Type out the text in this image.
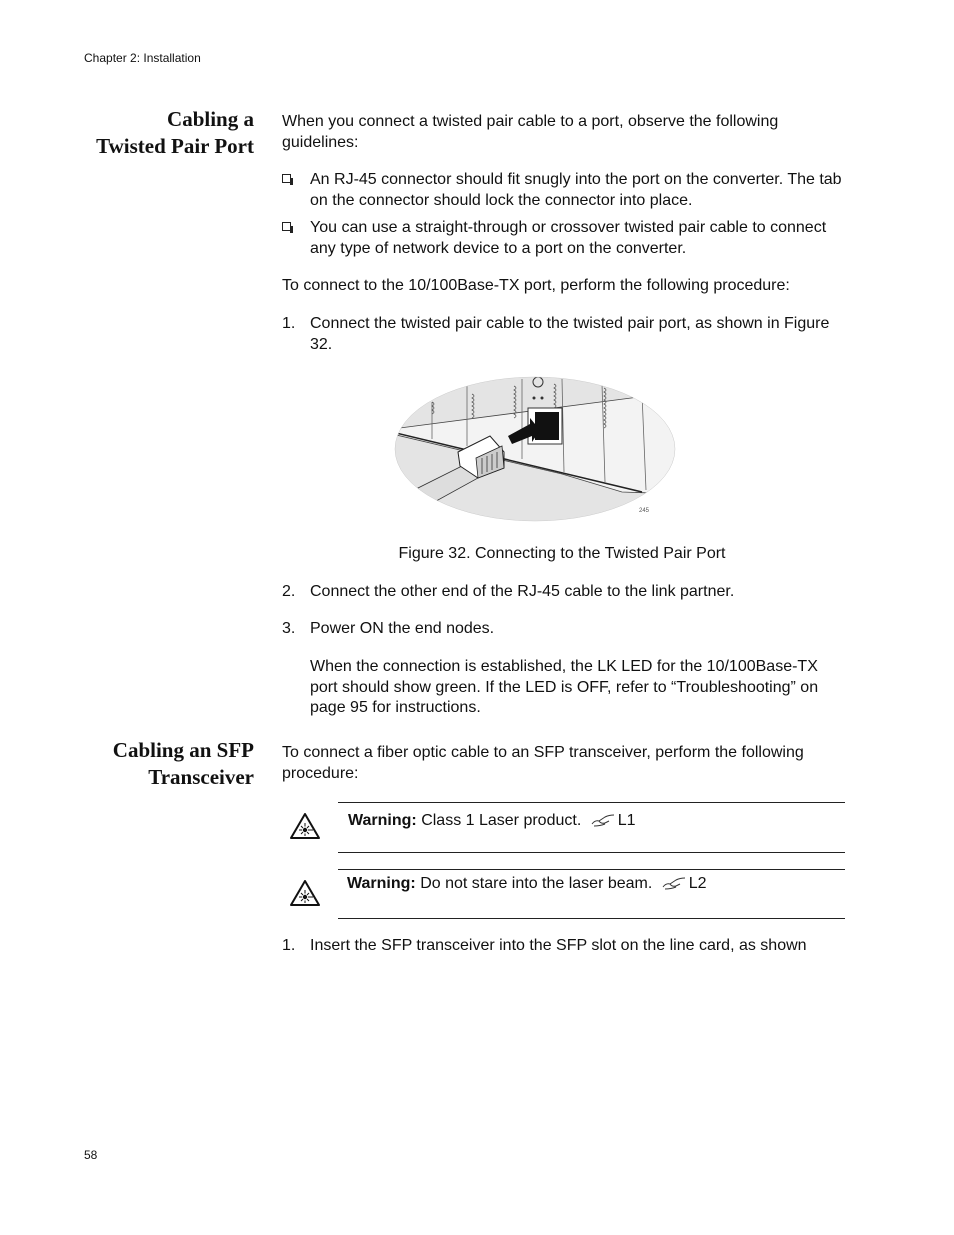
Chapter 2: Installation
Cabling a
Twisted Pair Port
When you connect a twisted pair cable to a port, observe the following guidelines:
An RJ-45 connector should fit snugly into the port on the converter. The tab on the connector should lock the connector into place.
You can use a straight-through or crossover twisted pair cable to connect any type of network device to a port on the converter.
To connect to the 10/100Base-TX port, perform the following procedure:
1. Connect the twisted pair cable to the twisted pair port, as shown in Figure 32.
245
Figure 32. Connecting to the Twisted Pair Port
2. Connect the other end of the RJ-45 cable to the link partner.
3. Power ON the end nodes.
When the connection is established, the LK LED for the 10/100Base-TX port should show green. If the LED is OFF, refer to “Troubleshooting” on page 95 for instructions.
Cabling an SFP
Transceiver
To connect a fiber optic cable to an SFP transceiver, perform the following procedure:
Warning: Class 1 Laser product. L1
Warning: Do not stare into the laser beam. L2
1. Insert the SFP transceiver into the SFP slot on the line card, as shown
58
